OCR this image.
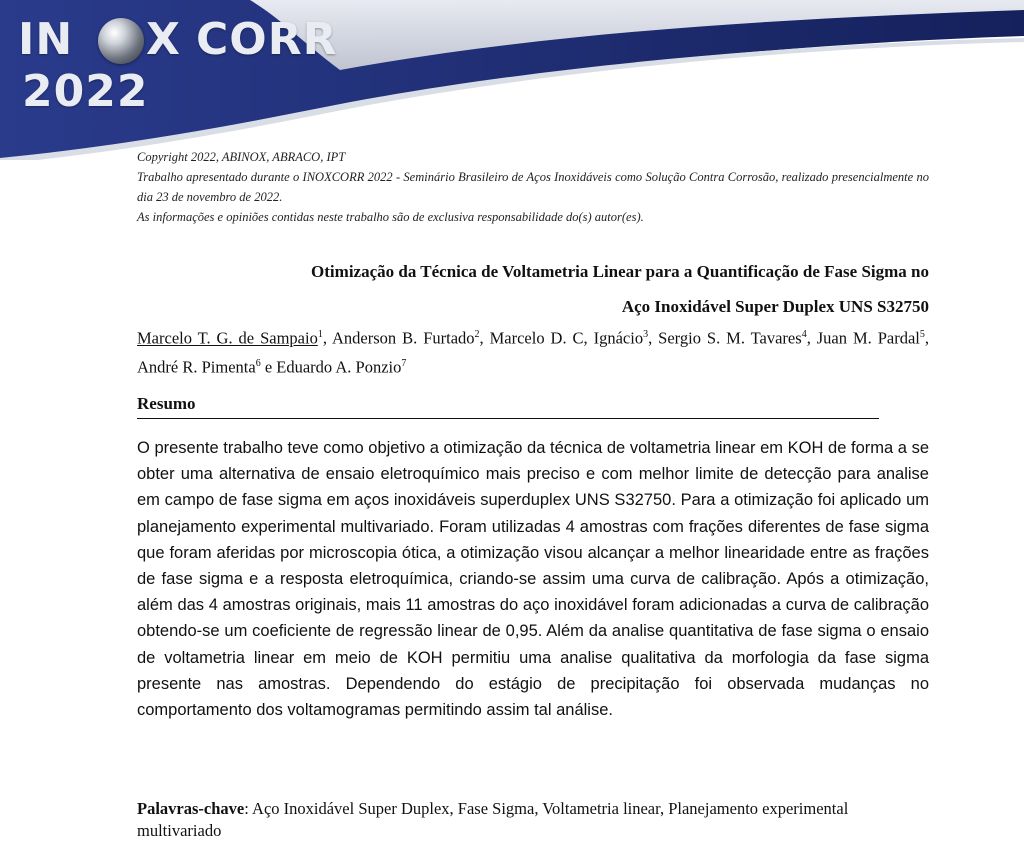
IN X CORR
2022

Copyright 2022, ABINOX, ABRACO, IPT

Trabalho apresentado durante o INOXCORR 2022 - Seminário Brasileiro de Aços Inoxidáveis como Solução Contra Corrosão, realizado presencialmente no dia 23 de novembro de 2022.

As informações e opiniões contidas neste trabalho são de exclusiva responsabilidade do(s) autor(es).

Otimização da Técnica de Voltametria Linear para a Quantificação de Fase Sigma no

Aço Inoxidável Super Duplex UNS S32750

Marcelo T. G. de Sampaio$^1$, Anderson B. Furtado$^2$, Marcelo D. C, Ignácio$^3$, Sergio S. M. Tavares$^4$, Juan M. Pardal$^5$, André R. Pimenta$^6$ e Eduardo A. Ponzio$^7$
Resumo

O presente trabalho teve como objetivo a otimização da técnica de voltametria linear em KOH de forma a se obter uma alternativa de ensaio eletroquímico mais preciso e com melhor limite de detecção para analise em campo de fase sigma em aços inoxidáveis superduplex UNS S32750. Para a otimização foi aplicado um planejamento experimental multivariado. Foram utilizadas 4 amostras com frações diferentes de fase sigma que foram aferidas por microscopia ótica, a otimização visou alcançar a melhor linearidade entre as frações de fase sigma e a resposta eletroquímica, criando-se assim uma curva de calibração. Após a otimização, além das 4 amostras originais, mais 11 amostras do aço inoxidável foram adicionadas a curva de calibração obtendo-se um coeficiente de regressão linear de 0,95. Além da analise quantitativa de fase sigma o ensaio de voltametria linear em meio de KOH permitiu uma analise qualitativa da morfologia da fase sigma presente nas amostras. Dependendo do estágio de precipitação foi observada mudanças no comportamento dos voltamogramas permitindo assim tal análise.

Palavras-chave: Aço Inoxidável Super Duplex, Fase Sigma, Voltametria linear, Planejamento experimental multivariado
